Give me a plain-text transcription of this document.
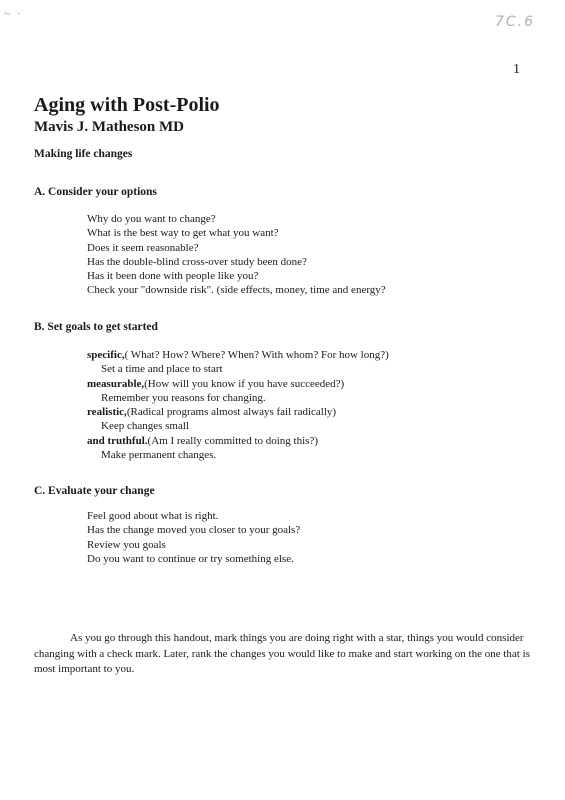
~ ·	7C.6
1
Aging with Post-Polio
Mavis J. Matheson MD
Making life changes
A. Consider your options
Why do you want to change?
What is the best way to get what you want?
Does it seem reasonable?
Has the double-blind cross-over study been done?
Has it been done with people like you?
Check your "downside risk". (side effects, money, time and energy?
B. Set goals to get started
specific,( What? How? Where? When? With whom? For how long?)
Set a time and place to start
measurable,(How will you know if you have succeeded?)
Remember you reasons for changing.
realistic,(Radical programs almost always fail radically)
Keep changes small
and truthful.(Am I really committed to doing this?)
Make permanent changes.
C. Evaluate your change
Feel good about what is right.
Has the change moved you closer to your goals?
Review you goals
Do you want to continue or try something else.

As you go through this handout, mark things you are doing right with a star, things you would consider changing with a check mark. Later, rank the changes you would like to make and start working on the one that is most important to you.
